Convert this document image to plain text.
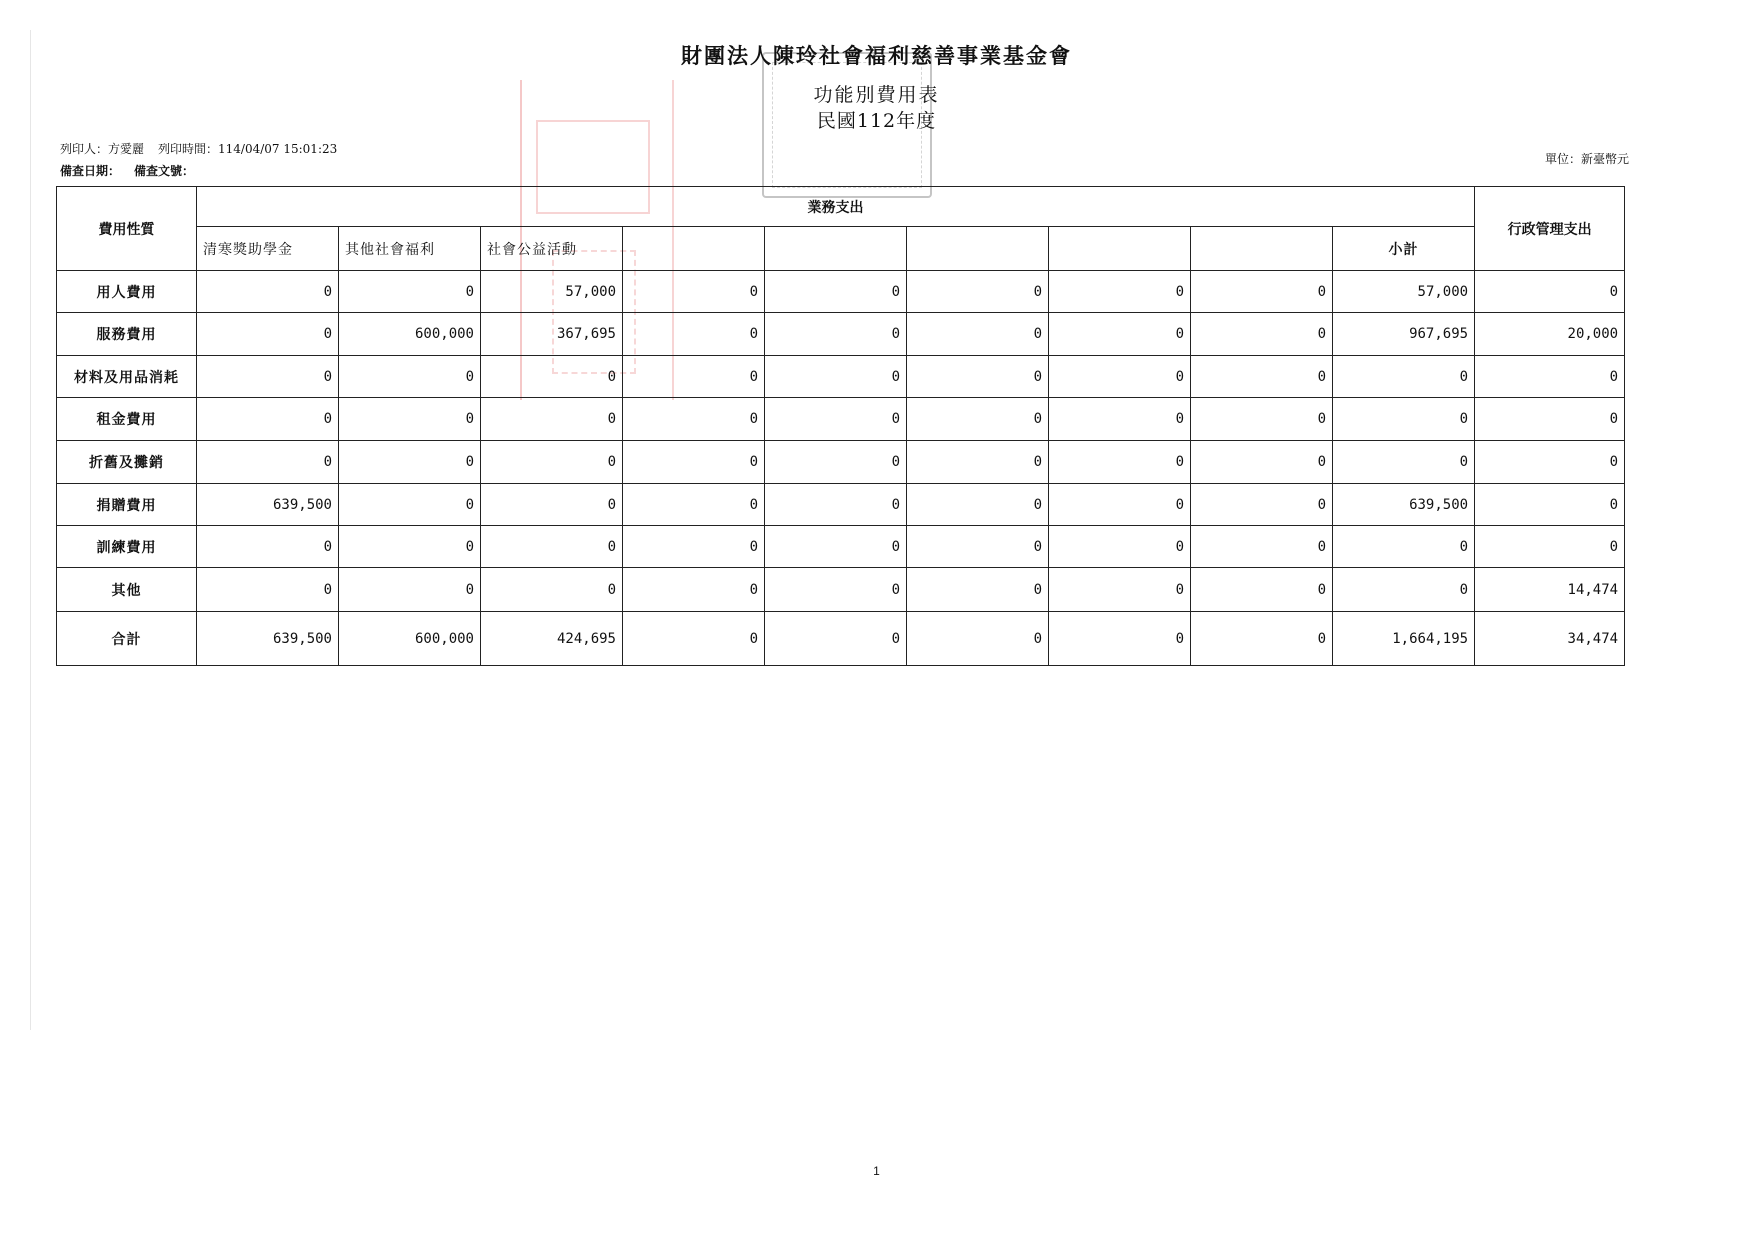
財團法人陳玲社會福利慈善事業基金會
功能別費用表
民國112年度
列印人：方愛麗 列印時間：114/04/07 15:01:23
備查日期： 備查文號：
單位：新臺幣元
費用性質	業務支出									行政管理支出
	清寒獎助學金	其他社會福利	社會公益活動						小計	
用人費用	0	0	57,000	0	0	0	0	0	57,000	0
服務費用	0	600,000	367,695	0	0	0	0	0	967,695	20,000
材料及用品消耗	0	0	0	0	0	0	0	0	0	0
租金費用	0	0	0	0	0	0	0	0	0	0
折舊及攤銷	0	0	0	0	0	0	0	0	0	0
捐贈費用	639,500	0	0	0	0	0	0	0	639,500	0
訓練費用	0	0	0	0	0	0	0	0	0	0
其他	0	0	0	0	0	0	0	0	0	14,474
合計	639,500	600,000	424,695	0	0	0	0	0	1,664,195	34,474
1
